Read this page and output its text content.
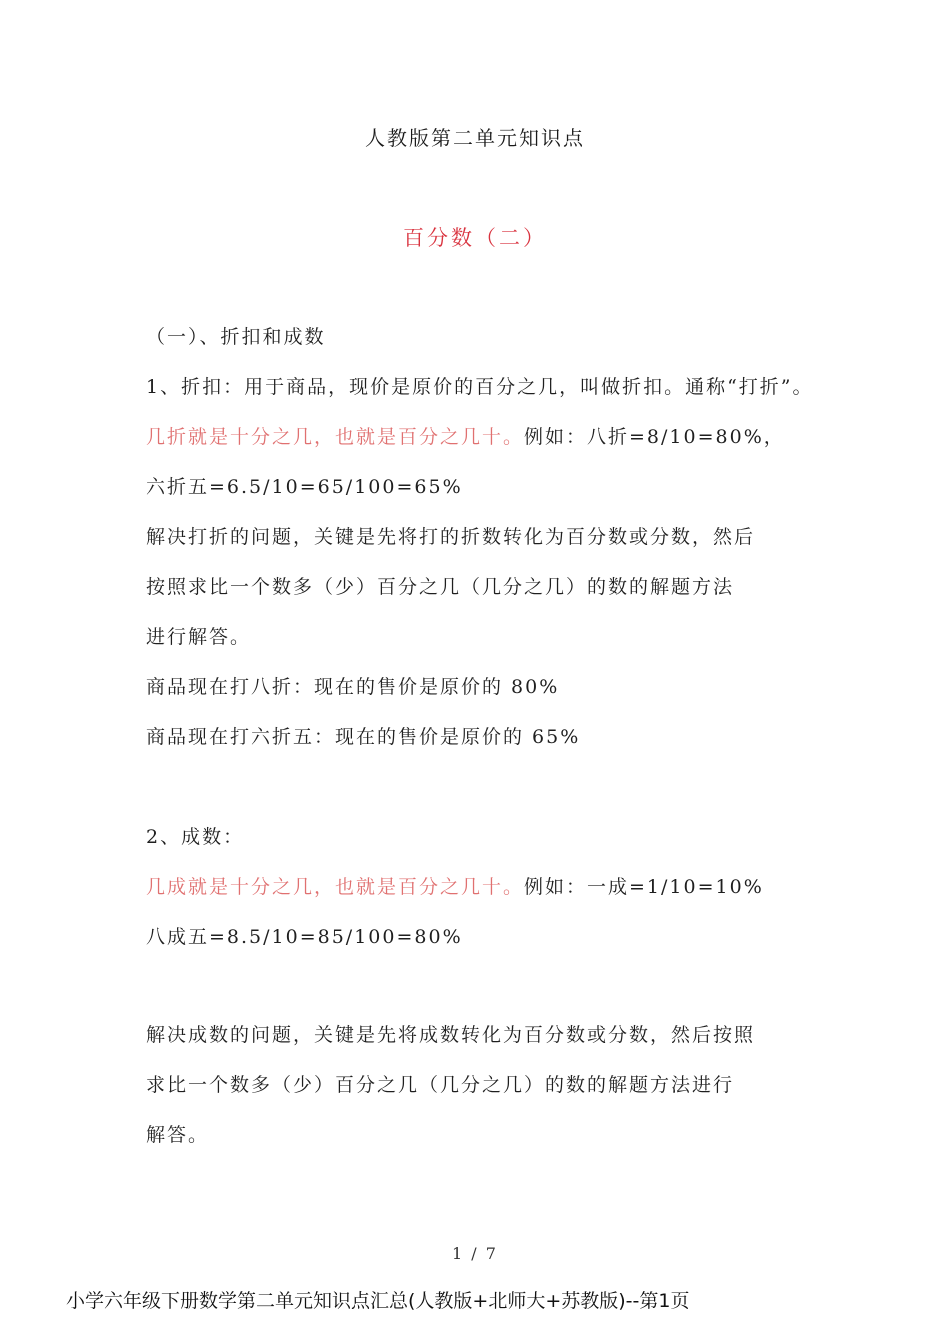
人教版第二单元知识点
百分数（二）
（一）、折扣和成数
1、折扣：用于商品，现价是原价的百分之几，叫做折扣。通称“打折”。
几折就是十分之几，也就是百分之几十。例如：八折=8/10=80%，
六折五=6.5/10=65/100=65%
解决打折的问题，关键是先将打的折数转化为百分数或分数，然后
按照求比一个数多（少）百分之几（几分之几）的数的解题方法
进行解答。
商品现在打八折：现在的售价是原价的 80%
商品现在打六折五：现在的售价是原价的 65%
2、成数：
几成就是十分之几，也就是百分之几十。例如：一成=1/10=10%
八成五=8.5/10=85/100=80%
解决成数的问题，关键是先将成数转化为百分数或分数，然后按照
求比一个数多（少）百分之几（几分之几）的数的解题方法进行
解答。
1 / 7
小学六年级下册数学第二单元知识点汇总(人教版+北师大+苏教版)--第1页
